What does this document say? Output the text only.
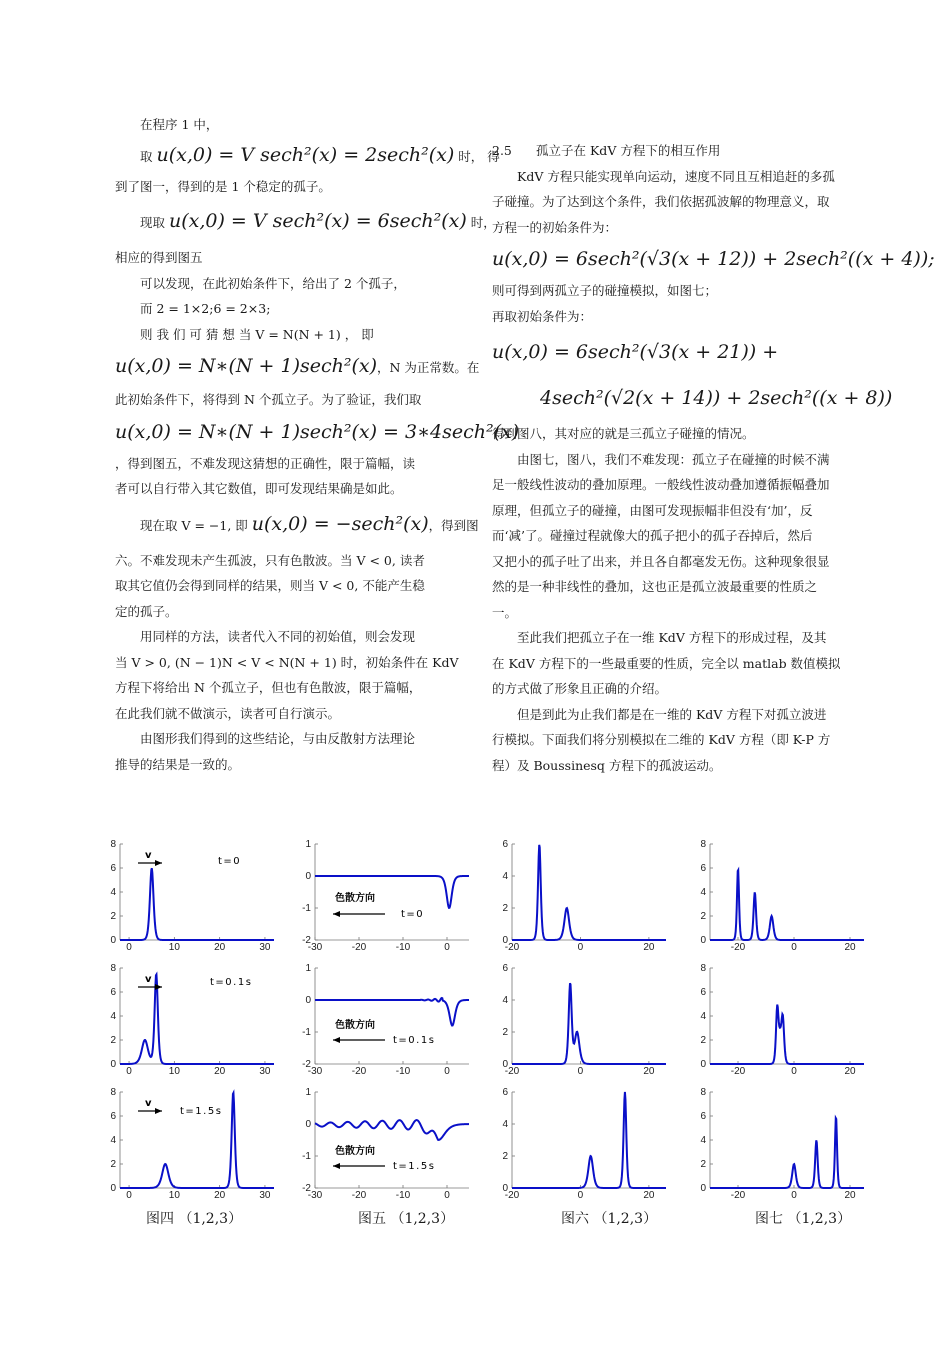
在程序 1 中，
取 u(x,0) = V sech²(x) = 2sech²(x) 时， 得
到了图一，得到的是 1 个稳定的孤子。
现取 u(x,0) = V sech²(x) = 6sech²(x) 时，
相应的得到图五
可以发现，在此初始条件下，给出了 2 个孤子，
而 2 = 1×2;6 = 2×3;
则 我 们 可 猜 想 当 V = N(N + 1) ， 即
u(x,0) = N∗(N + 1)sech²(x)，N 为正常数。在
此初始条件下，将得到 N 个孤立子。为了验证，我们取
u(x,0) = N∗(N + 1)sech²(x) = 3∗4sech²(x)
，得到图五，不难发现这猜想的正确性，限于篇幅，读
者可以自行带入其它数值，即可发现结果确是如此。
现在取 V = −1, 即 u(x,0) = −sech²(x)，得到图
六。不难发现未产生孤波，只有色散波。当 V < 0, 读者
取其它值仍会得到同样的结果，则当 V < 0, 不能产生稳
定的孤子。
用同样的方法，读者代入不同的初始值，则会发现
当 V > 0, (N − 1)N < V < N(N + 1) 时，初始条件在 KdV
方程下将给出 N 个孤立子，但也有色散波，限于篇幅，
在此我们就不做演示，读者可自行演示。
由图形我们得到的这些结论，与由反散射方法理论
推导的结果是一致的。
2.5 孤立子在 KdV 方程下的相互作用
KdV 方程只能实现单向运动，速度不同且互相追赶的多孤
子碰撞。为了达到这个条件，我们依据孤波解的物理意义，取
方程一的初始条件为：
u(x,0) = 6sech²(√3(x + 12)) + 2sech²((x + 4));
则可得到两孤立子的碰撞模拟，如图七；
再取初始条件为：
u(x,0) = 6sech²(√3(x + 21)) +
4sech²(√2(x + 14)) + 2sech²((x + 8))
得到图八，其对应的就是三孤立子碰撞的情况。
由图七，图八，我们不难发现：孤立子在碰撞的时候不满
足一般线性波动的叠加原理。一般线性波动叠加遵循振幅叠加
原理，但孤立子的碰撞，由图可发现振幅非但没有‘加’，反
而‘减’了。碰撞过程就像大的孤子把小的孤子吞掉后，然后
又把小的孤子吐了出来，并且各自都毫发无伤。这种现象很显
然的是一种非线性的叠加，这也正是孤立波最重要的性质之
一。
至此我们把孤立子在一维 KdV 方程下的形成过程，及其
在 KdV 方程下的一些最重要的性质，完全以 matlab 数值模拟
的方式做了形象且正确的介绍。
但是到此为止我们都是在一维的 KdV 方程下对孤立波进
行模拟。下面我们将分别模拟在二维的 KdV 方程（即 K-P 方
程）及 Boussinesq 方程下的孤波运动。
0	10	20	30
0
2
4
6
8
v
t=0
0	10	20	30
0
2
4
6
8
v	t=0.1s
0	10	20	30
0
2
4
6
8
v
t=1.5s
-30	-20	-10	0
-2
-1
0
1
色散方向
t=0
-30	-20	-10	0
-2
-1
0
1
色散方向
t=0.1s
-30	-20	-10	0
-2
-1
0
1
色散方向
t=1.5s
-20	0	20
0
2
4
6
-20	0	20
0
2
4
6
-20	0	20
0
2
4
6
-20	0	20
0
2
4
6
8
-20	0	20
0
2
4
6
8
-20	0	20
0
2
4
6
8
图四 （1,2,3）	图五 （1,2,3）	图六 （1,2,3）	图七 （1,2,3）
